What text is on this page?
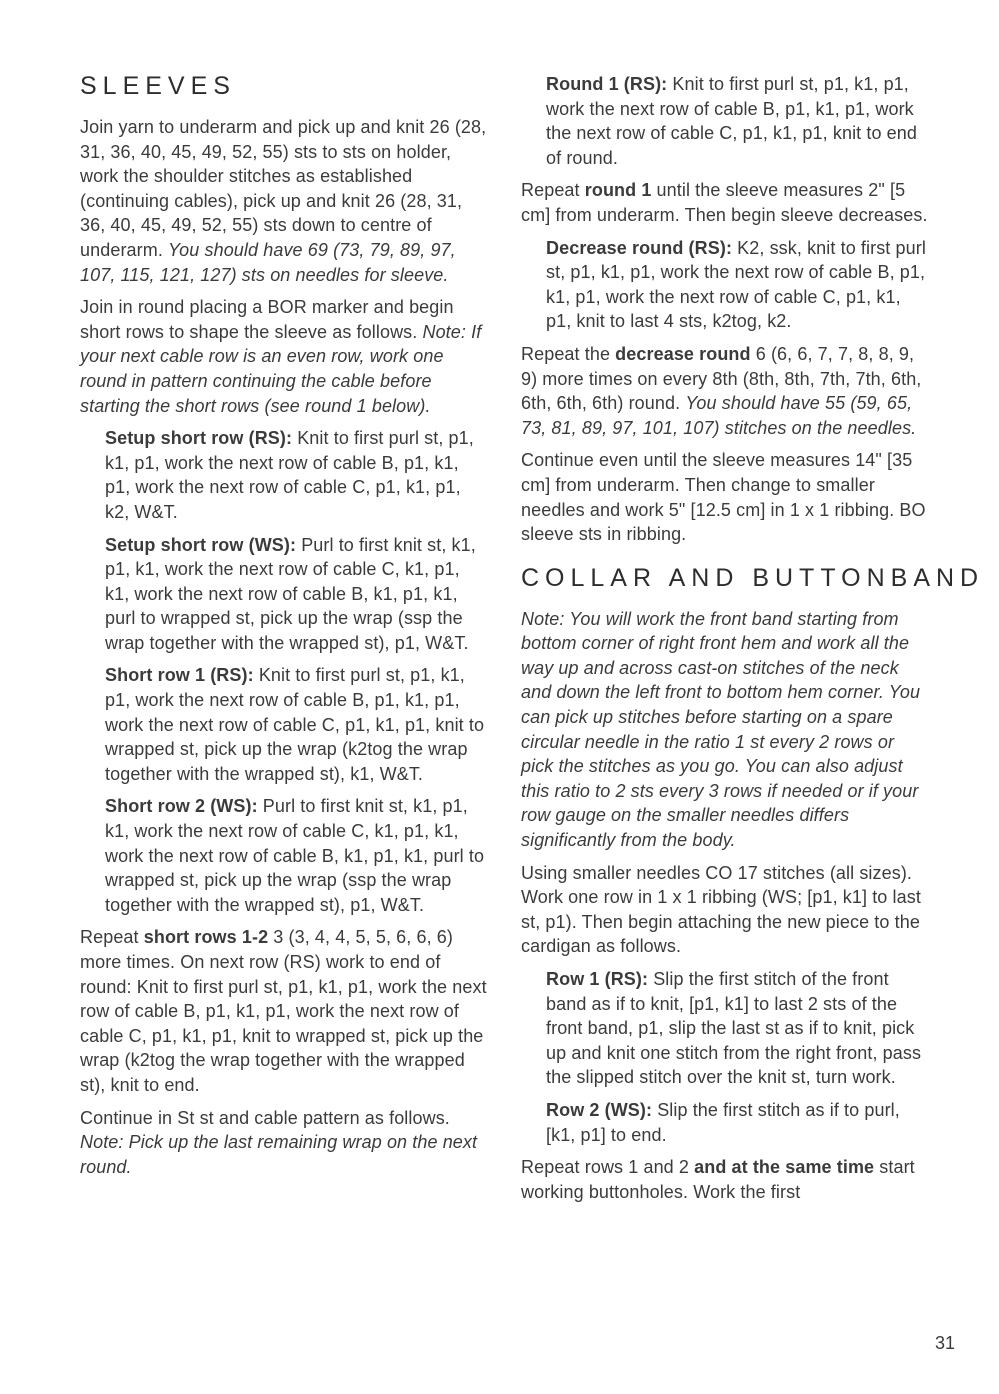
SLEEVES

Join yarn to underarm and pick up and knit 26 (28, 31, 36, 40, 45, 49, 52, 55) sts to sts on holder, work the shoulder stitches as established (continuing cables), pick up and knit 26 (28, 31, 36, 40, 45, 49, 52, 55) sts down to centre of underarm. You should have 69 (73, 79, 89, 97, 107, 115, 121, 127) sts on needles for sleeve.

Join in round placing a BOR marker and begin short rows to shape the sleeve as follows. Note: If your next cable row is an even row, work one round in pattern continuing the cable before starting the short rows (see round 1 below).

Setup short row (RS): Knit to first purl st, p1, k1, p1, work the next row of cable B, p1, k1, p1, work the next row of cable C, p1, k1, p1, k2, W&T.

Setup short row (WS): Purl to first knit st, k1, p1, k1, work the next row of cable C, k1, p1, k1, work the next row of cable B, k1, p1, k1, purl to wrapped st, pick up the wrap (ssp the wrap together with the wrapped st), p1, W&T.

Short row 1 (RS): Knit to first purl st, p1, k1, p1, work the next row of cable B, p1, k1, p1, work the next row of cable C, p1, k1, p1, knit to wrapped st, pick up the wrap (k2tog the wrap together with the wrapped st), k1, W&T.

Short row 2 (WS): Purl to first knit st, k1, p1, k1, work the next row of cable C, k1, p1, k1, work the next row of cable B, k1, p1, k1, purl to wrapped st, pick up the wrap (ssp the wrap together with the wrapped st), p1, W&T.

Repeat short rows 1-2 3 (3, 4, 4, 5, 5, 6, 6, 6) more times. On next row (RS) work to end of round: Knit to first purl st, p1, k1, p1, work the next row of cable B, p1, k1, p1, work the next row of cable C, p1, k1, p1, knit to wrapped st, pick up the wrap (k2tog the wrap together with the wrapped st), knit to end.

Continue in St st and cable pattern as follows. Note: Pick up the last remaining wrap on the next round.

Round 1 (RS): Knit to first purl st, p1, k1, p1, work the next row of cable B, p1, k1, p1, work the next row of cable C, p1, k1, p1, knit to end of round.

Repeat round 1 until the sleeve measures 2" [5 cm] from underarm. Then begin sleeve decreases.

Decrease round (RS): K2, ssk, knit to first purl st, p1, k1, p1, work the next row of cable B, p1, k1, p1, work the next row of cable C, p1, k1, p1, knit to last 4 sts, k2tog, k2.

Repeat the decrease round 6 (6, 6, 7, 7, 8, 8, 9, 9) more times on every 8th (8th, 8th, 7th, 7th, 6th, 6th, 6th, 6th) round. You should have 55 (59, 65, 73, 81, 89, 97, 101, 107) stitches on the needles.

Continue even until the sleeve measures 14" [35 cm] from underarm. Then change to smaller needles and work 5" [12.5 cm] in 1 x 1 ribbing. BO sleeve sts in ribbing.

COLLAR AND BUTTONBAND

Note: You will work the front band starting from bottom corner of right front hem and work all the way up and across cast-on stitches of the neck and down the left front to bottom hem corner. You can pick up stitches before starting on a spare circular needle in the ratio 1 st every 2 rows or pick the stitches as you go. You can also adjust this ratio to 2 sts every 3 rows if needed or if your row gauge on the smaller needles differs significantly from the body.

Using smaller needles CO 17 stitches (all sizes). Work one row in 1 x 1 ribbing (WS; [p1, k1] to last st, p1). Then begin attaching the new piece to the cardigan as follows.

Row 1 (RS): Slip the first stitch of the front band as if to knit, [p1, k1] to last 2 sts of the front band, p1, slip the last st as if to knit, pick up and knit one stitch from the right front, pass the slipped stitch over the knit st, turn work.

Row 2 (WS): Slip the first stitch as if to purl, [k1, p1] to end.

Repeat rows 1 and 2 and at the same time start working buttonholes. Work the first

31
